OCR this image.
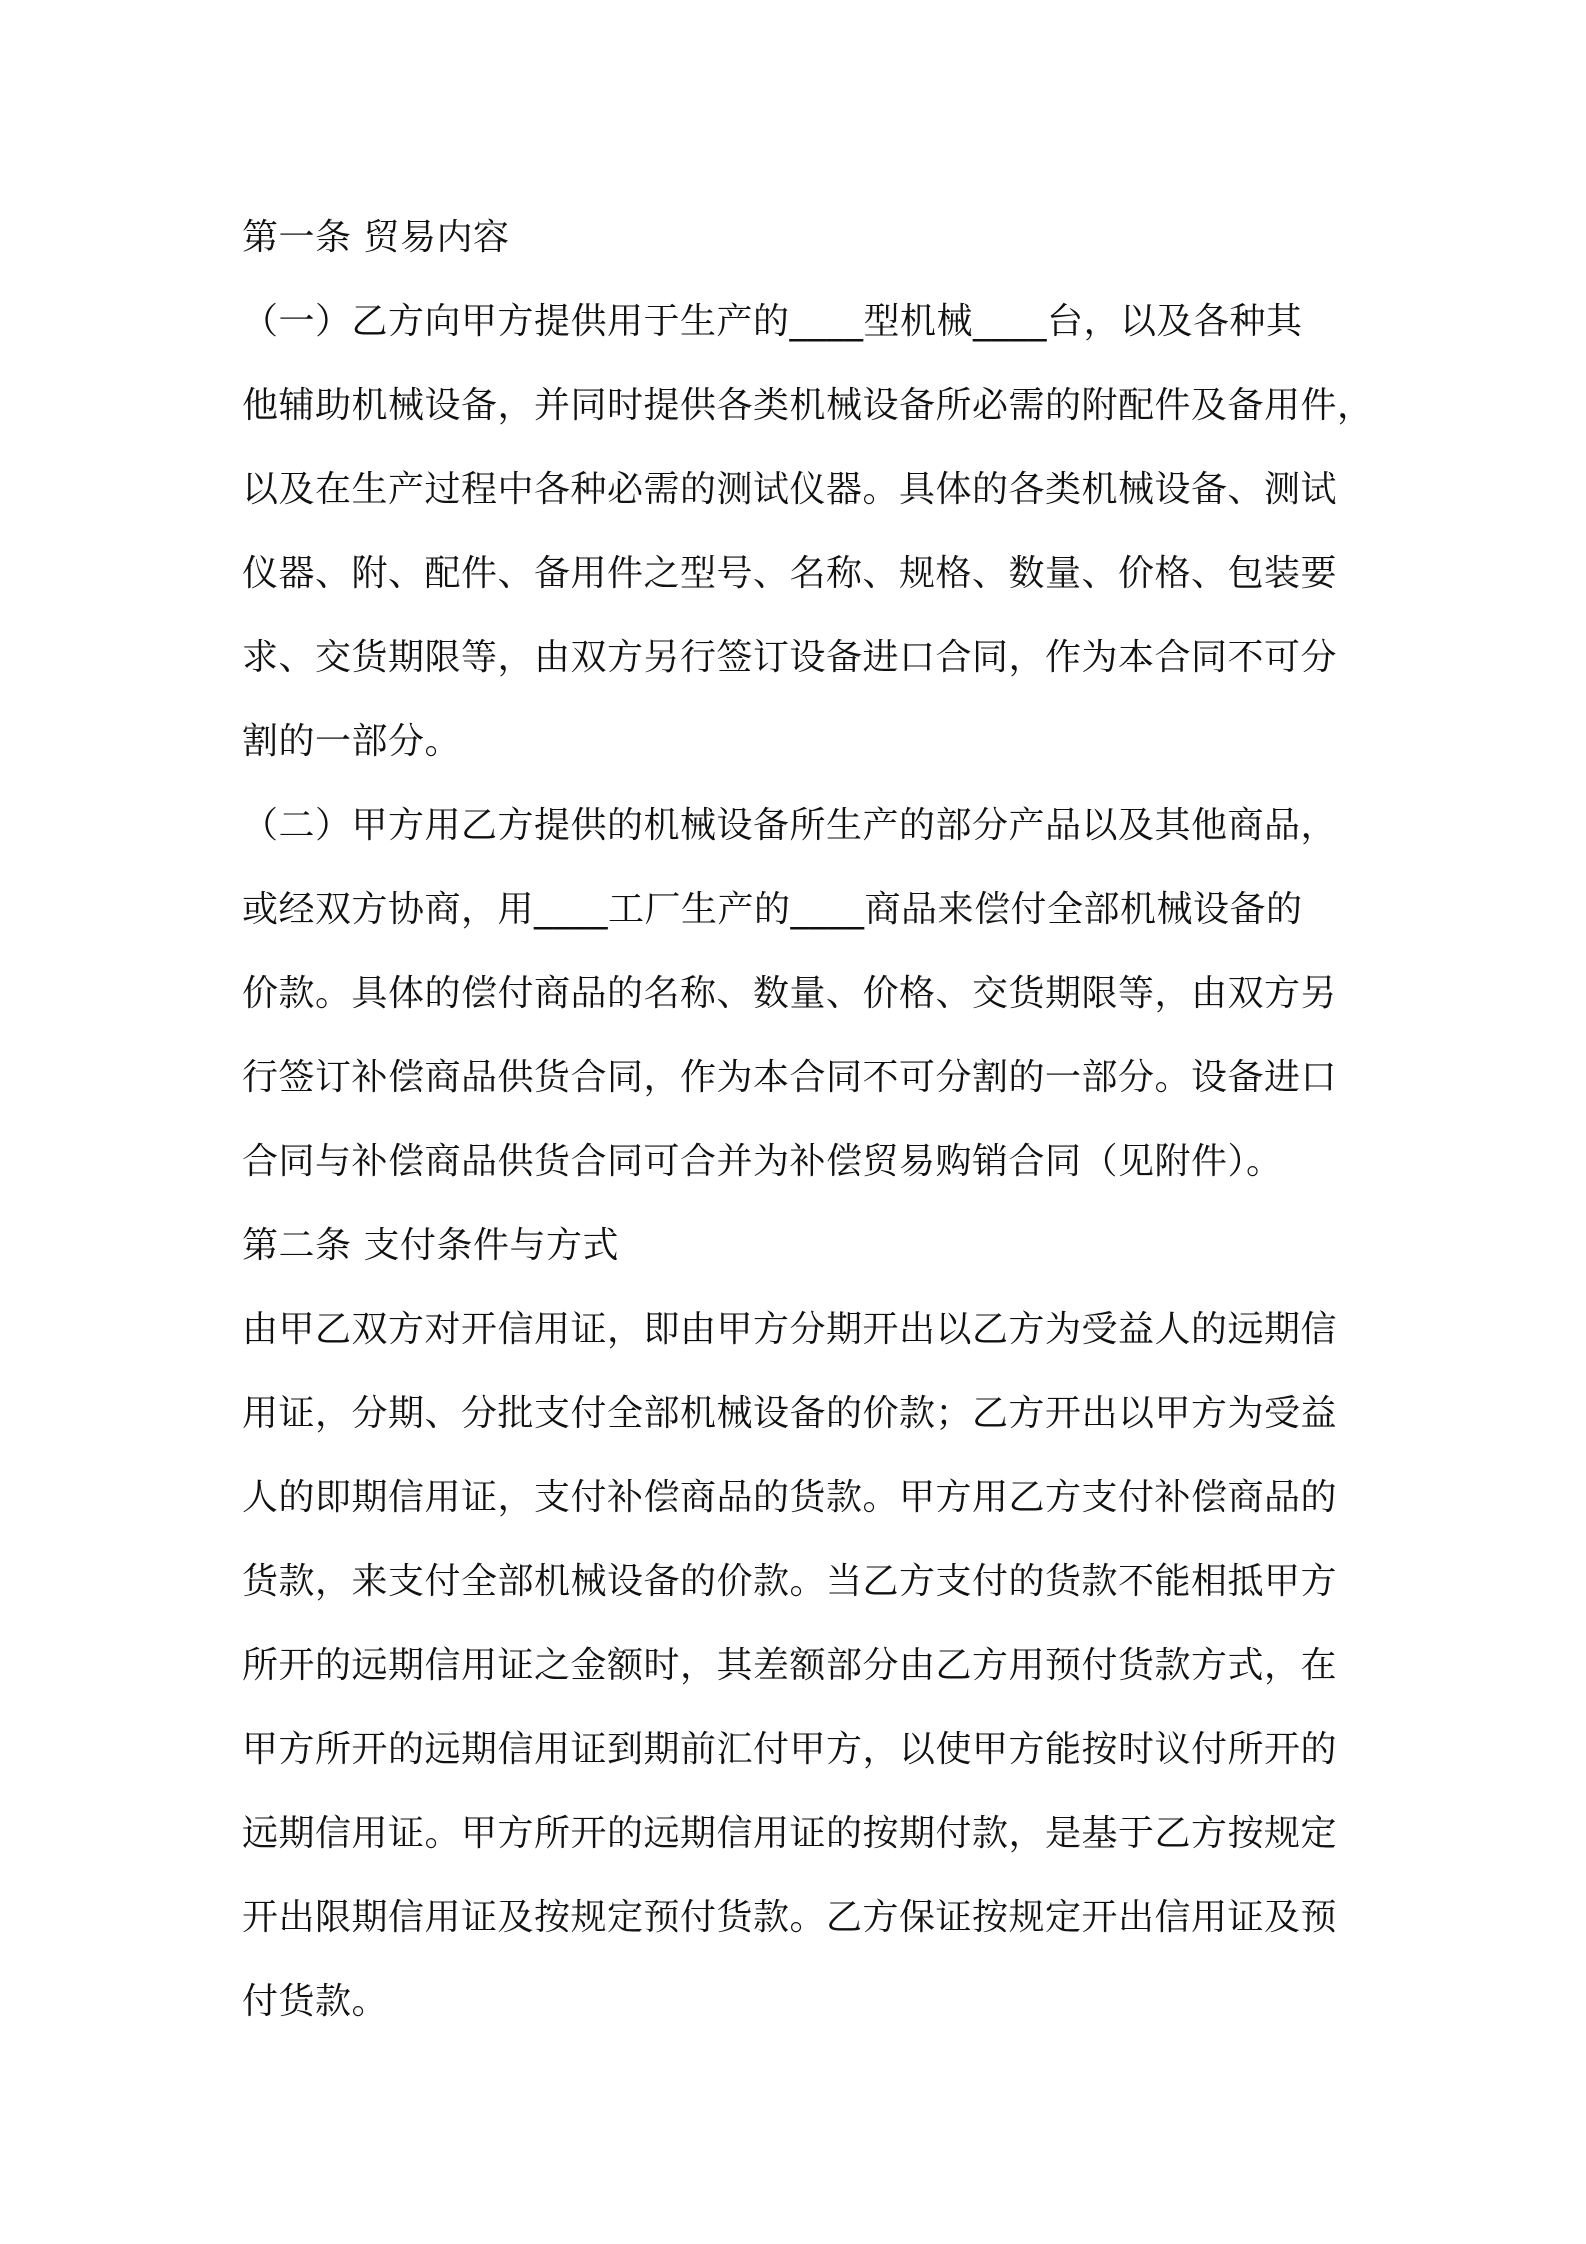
第一条 贸易内容
（一）乙方向甲方提供用于生产的____型机械____台，以及各种其
他辅助机械设备，并同时提供各类机械设备所必需的附配件及备用件，
以及在生产过程中各种必需的测试仪器。具体的各类机械设备、测试
仪器、附、配件、备用件之型号、名称、规格、数量、价格、包装要
求、交货期限等，由双方另行签订设备进口合同，作为本合同不可分
割的一部分。
（二）甲方用乙方提供的机械设备所生产的部分产品以及其他商品，
或经双方协商，用____工厂生产的____商品来偿付全部机械设备的
价款。具体的偿付商品的名称、数量、价格、交货期限等，由双方另
行签订补偿商品供货合同，作为本合同不可分割的一部分。设备进口
合同与补偿商品供货合同可合并为补偿贸易购销合同（见附件）。
第二条 支付条件与方式
由甲乙双方对开信用证，即由甲方分期开出以乙方为受益人的远期信
用证，分期、分批支付全部机械设备的价款；乙方开出以甲方为受益
人的即期信用证，支付补偿商品的货款。甲方用乙方支付补偿商品的
货款，来支付全部机械设备的价款。当乙方支付的货款不能相抵甲方
所开的远期信用证之金额时，其差额部分由乙方用预付货款方式，在
甲方所开的远期信用证到期前汇付甲方，以使甲方能按时议付所开的
远期信用证。甲方所开的远期信用证的按期付款，是基于乙方按规定
开出限期信用证及按规定预付货款。乙方保证按规定开出信用证及预
付货款。
